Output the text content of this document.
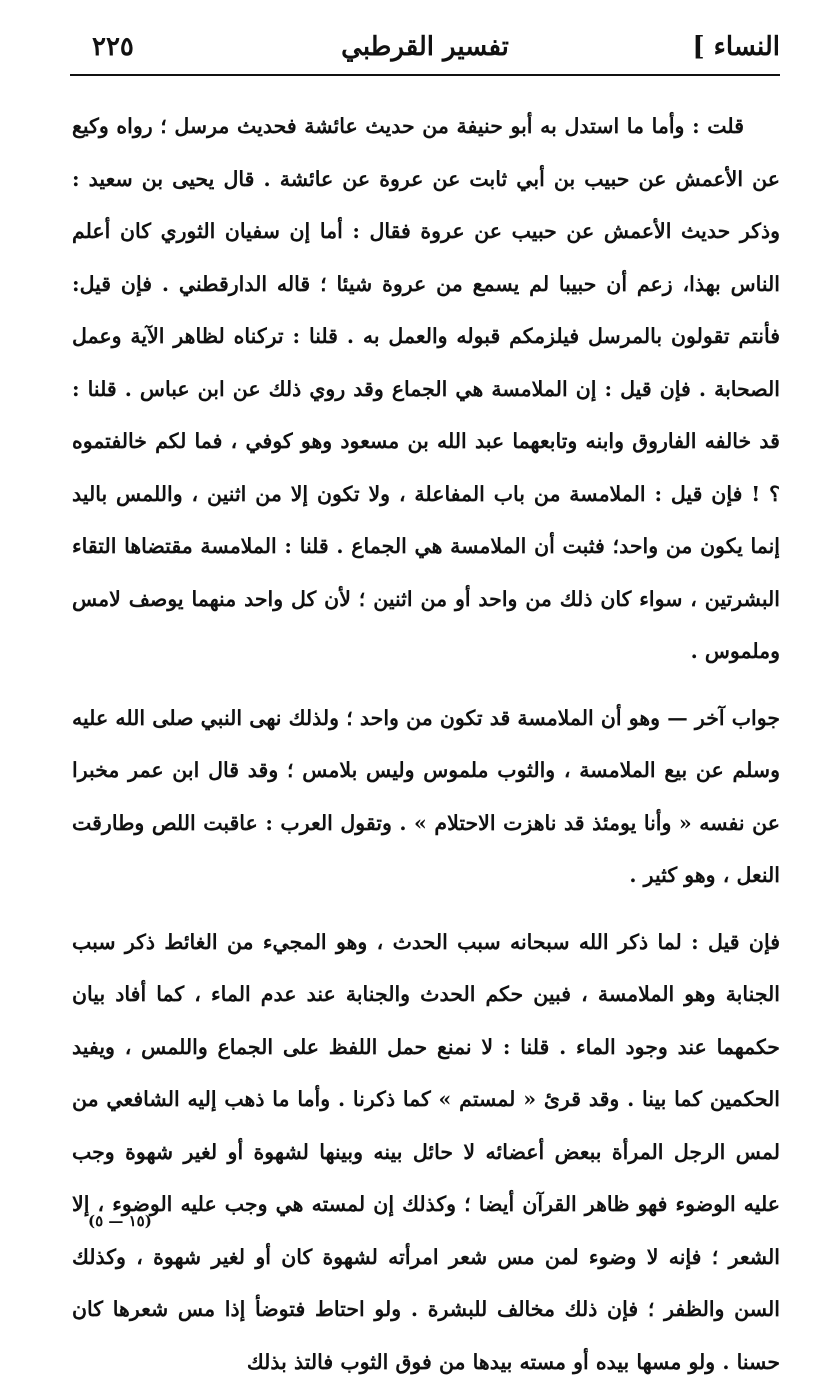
٢٢٥	تفسير القرطبي	النساء ]

قلت : وأما ما استدل به أبو حنيفة من حديث عائشة فحديث مرسل ؛ رواه وكيع عن الأعمش عن حبيب بن أبي ثابت عن عروة عن عائشة . قال يحيى بن سعيد : وذكر حديث الأعمش عن حبيب عن عروة فقال : أما إن سفيان الثوري كان أعلم الناس بهذا، زعم أن حبيبا لم يسمع من عروة شيئا ؛ قاله الدارقطني . فإن قيل: فأنتم تقولون بالمرسل فيلزمكم قبوله والعمل به . قلنا : تركناه لظاهر الآية وعمل الصحابة . فإن قيل : إن الملامسة هي الجماع وقد روي ذلك عن ابن عباس . قلنا : قد خالفه الفاروق وابنه وتابعهما عبد الله بن مسعود وهو كوفي ، فما لكم خالفتموه ؟ ! فإن قيل : الملامسة من باب المفاعلة ، ولا تكون إلا من اثنين ، واللمس باليد إنما يكون من واحد؛ فثبت أن الملامسة هي الجماع . قلنا : الملامسة مقتضاها التقاء البشرتين ، سواء كان ذلك من واحد أو من اثنين ؛ لأن كل واحد منهما يوصف لامس وملموس .

جواب آخر — وهو أن الملامسة قد تكون من واحد ؛ ولذلك نهى النبي صلى الله عليه وسلم عن بيع الملامسة ، والثوب ملموس وليس بلامس ؛ وقد قال ابن عمر مخبرا عن نفسه « وأنا يومئذ قد ناهزت الاحتلام » . وتقول العرب : عاقبت اللص وطارقت النعل ، وهو كثير .

فإن قيل : لما ذكر الله سبحانه سبب الحدث ، وهو المجيء من الغائط ذكر سبب الجنابة وهو الملامسة ، فبين حكم الحدث والجنابة عند عدم الماء ، كما أفاد بيان حكمهما عند وجود الماء . قلنا : لا نمنع حمل اللفظ على الجماع واللمس ، ويفيد الحكمين كما بينا . وقد قرئ « لمستم » كما ذكرنا . وأما ما ذهب إليه الشافعي من لمس الرجل المرأة ببعض أعضائه لا حائل بينه وبينها لشهوة أو لغير شهوة وجب عليه الوضوء فهو ظاهر القرآن أيضا ؛ وكذلك إن لمسته هي وجب عليه الوضوء ، إلا الشعر ؛ فإنه لا وضوء لمن مس شعر امرأته لشهوة كان أو لغير شهوة ، وكذلك السن والظفر ؛ فإن ذلك مخالف للبشرة . ولو احتاط فتوضأ إذا مس شعرها كان حسنا . ولو مسها بيده أو مسته بيدها من فوق الثوب فالتذ بذلك

(١٥ — ٥)
